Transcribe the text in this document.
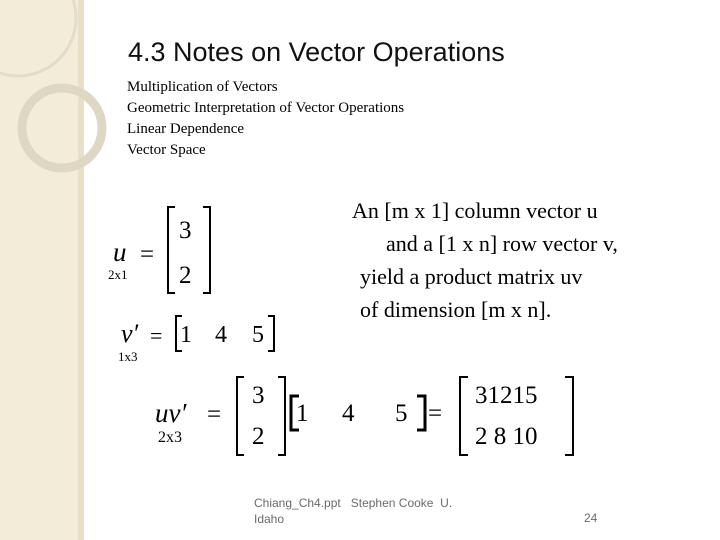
4.3 Notes on Vector Operations
Multiplication of Vectors
Geometric Interpretation of Vector Operations
Linear Dependence
Vector Space
An [m x 1] column vector u
and a [1 x n] row vector v,
yield a product matrix uv
of dimension [m x n].
u
2x1
=
3
2
v′
1x3
= 1 4 5
uv′
2x3
=
3
2
1 4 5 =
31215
2 8 10
Chiang_Ch4.ppt   Stephen Cooke  U.
Idaho	24
